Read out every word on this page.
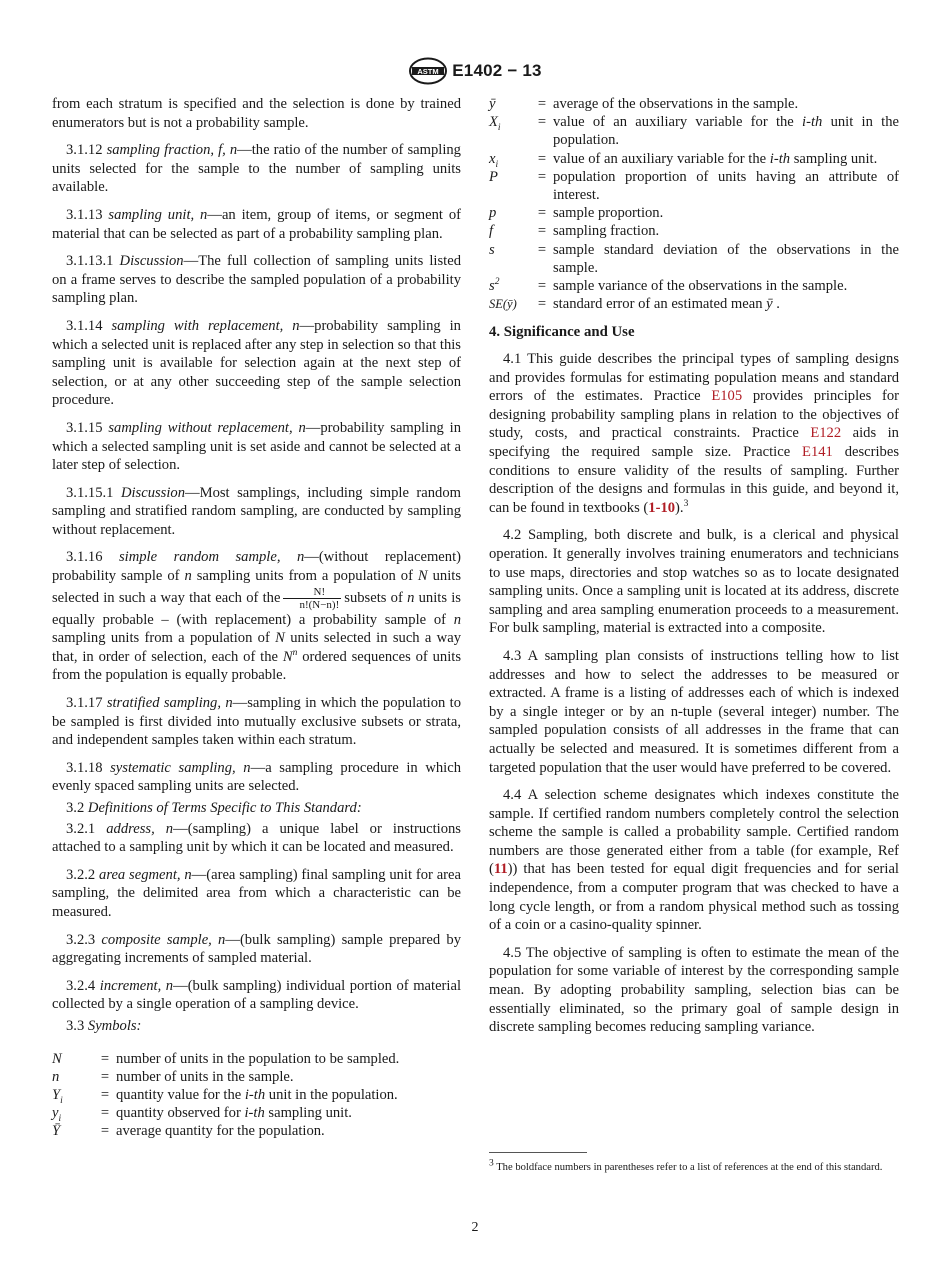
ASTM E1402 − 13

from each stratum is specified and the selection is done by trained enumerators but is not a probability sample.

3.1.12 sampling fraction, f, n—the ratio of the number of sampling units selected for the sample to the number of sampling units available.

3.1.13 sampling unit, n—an item, group of items, or segment of material that can be selected as part of a probability sampling plan.

3.1.13.1 Discussion—The full collection of sampling units listed on a frame serves to describe the sampled population of a probability sampling plan.

3.1.14 sampling with replacement, n—probability sampling in which a selected unit is replaced after any step in selection so that this sampling unit is available for selection again at the next step of selection, or at any other succeeding step of the sample selection procedure.

3.1.15 sampling without replacement, n—probability sampling in which a selected sampling unit is set aside and cannot be selected at a later step of selection.

3.1.15.1 Discussion—Most samplings, including simple random sampling and stratified random sampling, are conducted by sampling without replacement.

3.1.16 simple random sample, n—(without replacement) probability sample of n sampling units from a population of N units selected in such a way that each of the $\frac{N!}{n!(N-n)!}$ subsets of n units is equally probable – (with replacement) a probability sample of n sampling units from a population of N units selected in such a way that, in order of selection, each of the $N^n$ ordered sequences of units from the population is equally probable.

3.1.17 stratified sampling, n—sampling in which the population to be sampled is first divided into mutually exclusive subsets or strata, and independent samples taken within each stratum.

3.1.18 systematic sampling, n—a sampling procedure in which evenly spaced sampling units are selected.

3.2 Definitions of Terms Specific to This Standard:

3.2.1 address, n—(sampling) a unique label or instructions attached to a sampling unit by which it can be located and measured.

3.2.2 area segment, n—(area sampling) final sampling unit for area sampling, the delimited area from which a characteristic can be measured.

3.2.3 composite sample, n—(bulk sampling) sample prepared by aggregating increments of sampled material.

3.2.4 increment, n—(bulk sampling) individual portion of material collected by a single operation of a sampling device.

3.3 Symbols:

N	=	number of units in the population to be sampled.
n	=	number of units in the sample.
$Y_i$	=	quantity value for the i-th unit in the population.
$y_i$	=	quantity observed for i-th sampling unit.
Ȳ	=	average quantity for the population.
ȳ	=	average of the observations in the sample.
$X_i$	=	value of an auxiliary variable for the i-th unit in the population.
$x_i$	=	value of an auxiliary variable for the i-th sampling unit.
P	=	population proportion of units having an attribute of interest.
p	=	sample proportion.
f	=	sampling fraction.
s	=	sample standard deviation of the observations in the sample.
$s^2$	=	sample variance of the observations in the sample.
SE(ȳ)	=	standard error of an estimated mean ȳ .
4. Significance and Use

4.1 This guide describes the principal types of sampling designs and provides formulas for estimating population means and standard errors of the estimates. Practice E105 provides principles for designing probability sampling plans in relation to the objectives of study, costs, and practical constraints. Practice E122 aids in specifying the required sample size. Practice E141 describes conditions to ensure validity of the results of sampling. Further description of the designs and formulas in this guide, and beyond it, can be found in textbooks (1-10).$^3$

4.2 Sampling, both discrete and bulk, is a clerical and physical operation. It generally involves training enumerators and technicians to use maps, directories and stop watches so as to locate designated sampling units. Once a sampling unit is located at its address, discrete sampling and area sampling enumeration proceeds to a measurement. For bulk sampling, material is extracted into a composite.

4.3 A sampling plan consists of instructions telling how to list addresses and how to select the addresses to be measured or extracted. A frame is a listing of addresses each of which is indexed by a single integer or by an n-tuple (several integer) number. The sampled population consists of all addresses in the frame that can actually be selected and measured. It is sometimes different from a targeted population that the user would have preferred to be covered.

4.4 A selection scheme designates which indexes constitute the sample. If certified random numbers completely control the selection scheme the sample is called a probability sample. Certified random numbers are those generated either from a table (for example, Ref (11)) that has been tested for equal digit frequencies and for serial independence, from a computer program that was checked to have a long cycle length, or from a random physical method such as tossing of a coin or a casino-quality spinner.

4.5 The objective of sampling is often to estimate the mean of the population for some variable of interest by the corresponding sample mean. By adopting probability sampling, selection bias can be essentially eliminated, so the primary goal of sample design in discrete sampling becomes reducing sampling variance.

$^3$ The boldface numbers in parentheses refer to a list of references at the end of this standard.
2
